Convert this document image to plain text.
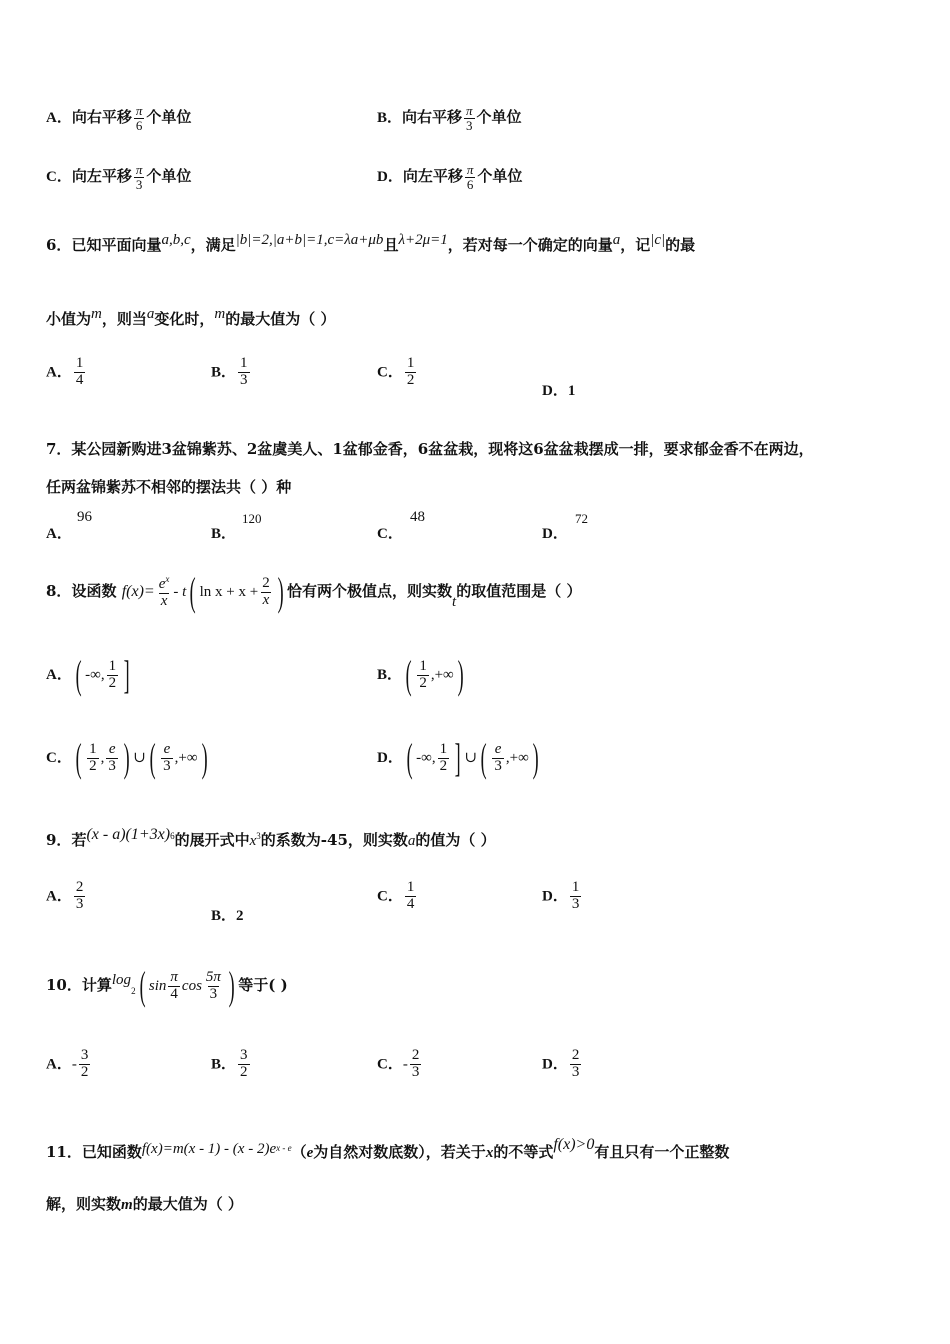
A．向右平移 $\frac{\pi}{6}$ 个单位	B．向右平移 $\frac{\pi}{3}$ 个单位
C．向左平移 $\frac{\pi}{3}$ 个单位	D．向左平移 $\frac{\pi}{6}$ 个单位
6．已知平面向量a,b,c，满足|b|=2,|a+b|=1,c=λa+μb且λ+2μ=1，若对每一个确定的向量a，记|c|的最
小值为m，则当a变化时，m的最大值为（ ）
A． $\frac{1}{4}$	B． $\frac{1}{3}$	C． $\frac{1}{2}$
D．1
7．某公园新购进3盆锦紫苏、2盆虞美人、1盆郁金香，6盆盆栽，现将这6盆盆栽摆成一排，要求郁金香不在两边，
任两盆锦紫苏不相邻的摆法共（ ）种
A．
96
B．
120
C．
48
D．
72
8．设函数 $f(x)= \frac{e^x}{x} - t$( $\ln x + x + \frac{2}{x}$ ) 恰有两个极值点，则实数t的取值范围是（ ）
A．( -∞, $\frac{1}{2}$ ]	B．( $\frac{1}{2}$ ,+∞)
C．( $\frac{1}{2}$ , $\frac{e}{3}$ ) ∪( $\frac{e}{3}$ ,+∞)	D．( -∞, $\frac{1}{2}$ ] ∪( $\frac{e}{3}$ ,+∞)
9．若$(x - a)(1+3x)^6$的展开式中$x^3$的系数为-45，则实数a的值为（ ）
A． $\frac{2}{3}$
B．2
C． $\frac{1}{4}$	D． $\frac{1}{3}$
10．计算$\log_2$( $\sin \frac{\pi}{4}$ $\cos \frac{5\pi}{3}$ ) 等于( )
A．- $\frac{3}{2}$	B． $\frac{3}{2}$	C．- $\frac{2}{3}$	D． $\frac{2}{3}$
11．已知函数$f(x)=m(x - 1) - (x - 2)e^{x - e}(e$为自然对数底数），若关于x的不等式f(x)>0有且只有一个正整数
解，则实数m的最大值为（ ）
